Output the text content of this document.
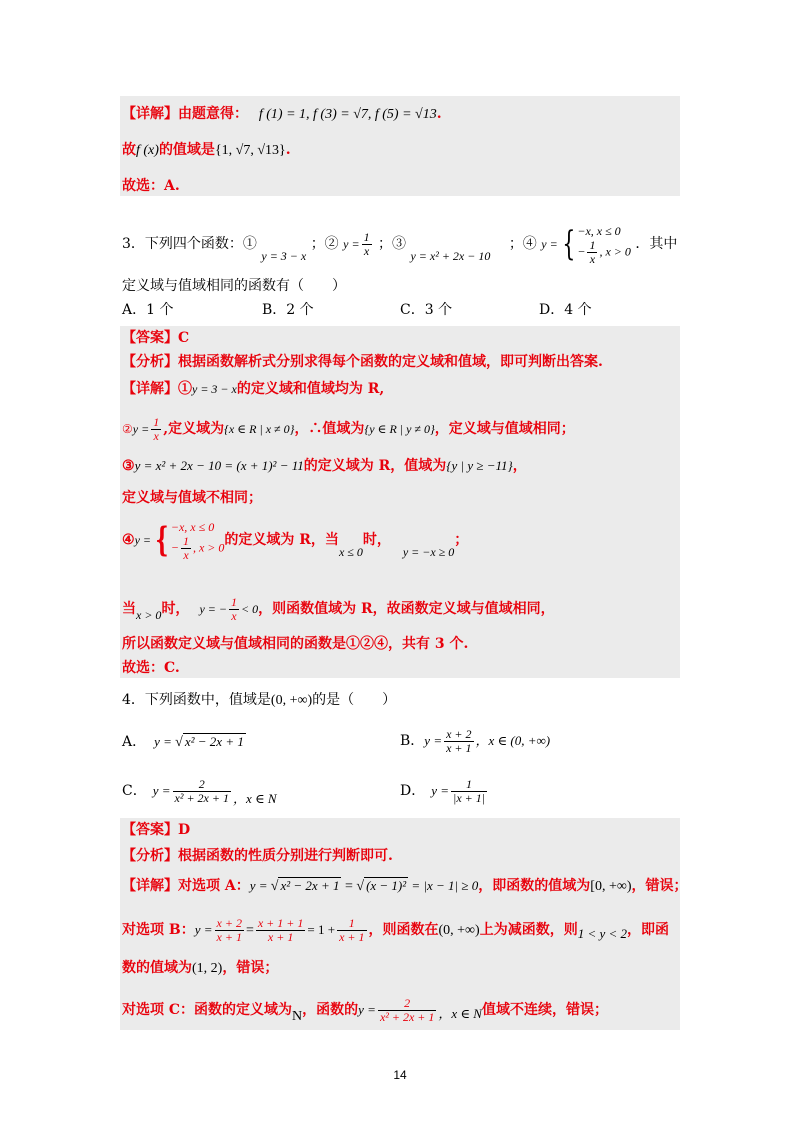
【详解】由题意得： f (1) = 1, f (3) = √7, f (5) = √13.
故f (x)的值域是{1, √7, √13}.
故选：A.
3．下列四个函数：① y = 3 − x ；② $y = \frac{1}{x}$ ；③ y = x² + 2x − 10 ；④ y = { −x, x ≤ 0
− $\frac{1}{x}$ , x > 0 ．其中
定义域与值域相同的函数有（　　）
A．1 个	B．2 个	C．3 个	D．4 个
【答案】C
【分析】根据函数解析式分别求得每个函数的定义域和值域，即可判断出答案.
【详解】①y = 3 − x的定义域和值域均为 R,
②y = $\frac{1}{x}$ ,定义域为{x ∈ R | x ≠ 0}，∴值域为{y ∈ R | y ≠ 0}，定义域与值域相同；
③y = x² + 2x − 10 = (x + 1)² − 11的定义域为 R，值域为{y | y ≥ −11}，
定义域与值域不相同；
④y = { −x, x ≤ 0
− $\frac{1}{x}$ , x > 0 的定义域为 R，当x ≤ 0时，y = −x ≥ 0；
当x > 0时， y = − $\frac{1}{x} < 0$，则函数值域为 R，故函数定义域与值域相同，
所以函数定义域与值域相同的函数是①②④，共有 3 个.
故选：C.
4．下列函数中，值域是(0, +∞)的是（　　）
A． y = √ x² − 2x + 1	B．$y = \frac{x + 2}{x + 1}$ ，x ∈ (0, +∞)
C． $y = \frac{2}{\text{x² + 2x + 1}}$ ，x ∈ N	D． $y = \frac{1}{|x + 1|}$
【答案】D
【分析】根据函数的性质分别进行判断即可.
【详解】对选项 A：y = √ x² − 2x + 1 = √ (x − 1)² = |x − 1| ≥ 0，即函数的值域为[0, +∞)，错误；
对选项 B：$y = \frac{x + 2}{x + 1} = \frac{x + 1 + 1}{x + 1} = 1 + \frac{1}{x + 1}$ ，则函数在(0, +∞)上为减函数，则1 < y < 2，即函
数的值域为(1, 2)，错误；
对选项 C：函数的定义域为N，函数的$y = \frac{2}{\text{x² + 2x + 1}}$ ，x ∈ N值域不连续，错误；
14
